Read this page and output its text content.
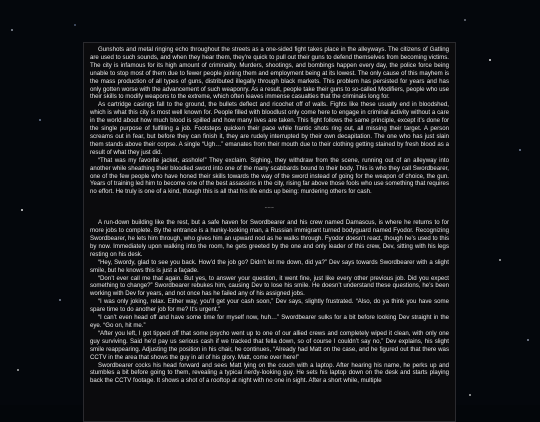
Gunshots and metal ringing echo throughout the streets as a one-sided fight takes place in the alleyways. The citizens of Gatling are used to such sounds, and when they hear them, they’re quick to pull out their guns to defend themselves from becoming victims. The city is infamous for its high amount of criminality. Murders, shootings, and bombings happen every day, the police force being unable to stop most of them due to fewer people joining them and employment being at its lowest. The only cause of this mayhem is the mass production of all types of guns, distributed illegally through black markets. This problem has persisted for years and has only gotten worse with the advancement of such weaponry. As a result, people take their guns to so-called Modifiers, people who use their skills to modify weapons to the extreme, which often leaves immense casualties that the criminals long for.

As cartridge casings fall to the ground, the bullets deflect and ricochet off of walls. Fights like these usually end in bloodshed, which is what this city is most well known for. People filled with bloodlust only come here to engage in criminal activity without a care in the world about how much blood is spilled and how many lives are taken. This fight follows the same principle, except it’s done for the single purpose of fulfilling a job. Footsteps quicken their pace while frantic shots ring out, all missing their target. A person screams out in fear, but before they can finish it, they are rudely interrupted by their own decapitation. The one who has just slain them stands above their corpse. A single “Ugh…” emanates from their mouth due to their clothing getting stained by fresh blood as a result of what they just did.

“That was my favorite jacket, asshole!” They exclaim. Sighing, they withdraw from the scene, running out of an alleyway into another while sheathing their bloodied sword into one of the many scabbards bound to their body. This is who they call Swordbearer, one of the few people who have honed their skills towards the way of the sword instead of going for the weapon of choice, the gun. Years of training led him to become one of the best assassins in the city, rising far above those fools who use something that requires no effort. He truly is one of a kind, though this is all that his life ends up being: murdering others for cash.

~~~

A run-down building like the rest, but a safe haven for Swordbearer and his crew named Damascus, is where he returns to for more jobs to complete. By the entrance is a hunky-looking man, a Russian immigrant turned bodyguard named Fyodor. Recognizing Swordbearer, he lets him through, who gives him an upward nod as he walks through. Fyodor doesn’t react, though he’s used to this by now. Immediately upon walking into the room, he gets greeted by the one and only leader of this crew, Dev, sitting with his legs resting on his desk.

“Hey, Swordy, glad to see you back. How’d the job go? Didn’t let me down, did ya?” Dev says towards Swordbearer with a slight smile, but he knows this is just a façade.

“Don’t ever call me that again. But yes, to answer your question, it went fine, just like every other previous job. Did you expect something to change?” Swordbearer rebukes him, causing Dev to lose his smile. He doesn’t understand these questions, he’s been working with Dev for years, and not once has he failed any of his assigned jobs.

“I was only joking, relax. Either way, you’ll get your cash soon,” Dev says, slightly frustrated. “Also, do ya think you have some spare time to do another job for me? It’s urgent.”

“I can’t even head off and have some time for myself now, huh…” Swordbearer sulks for a bit before looking Dev straight in the eye. “Go on, hit me.”

“After you left, I got tipped off that some psycho went up to one of our allied crews and completely wiped it clean, with only one guy surviving. Said he’d pay us serious cash if we tracked that fella down, so of course I couldn’t say no,” Dev explains, his slight smile reappearing. Adjusting the position in his chair, he continues, “Already had Matt on the case, and he figured out that there was CCTV in the area that shows the guy in all of his glory. Matt, come over here!”

Swordbearer cocks his head forward and sees Matt lying on the couch with a laptop. After hearing his name, he perks up and stumbles a bit before going to them, revealing a typical nerdy-looking guy. He sets his laptop down on the desk and starts playing back the CCTV footage. It shows a shot of a rooftop at night with no one in sight. After a short while, multiple
